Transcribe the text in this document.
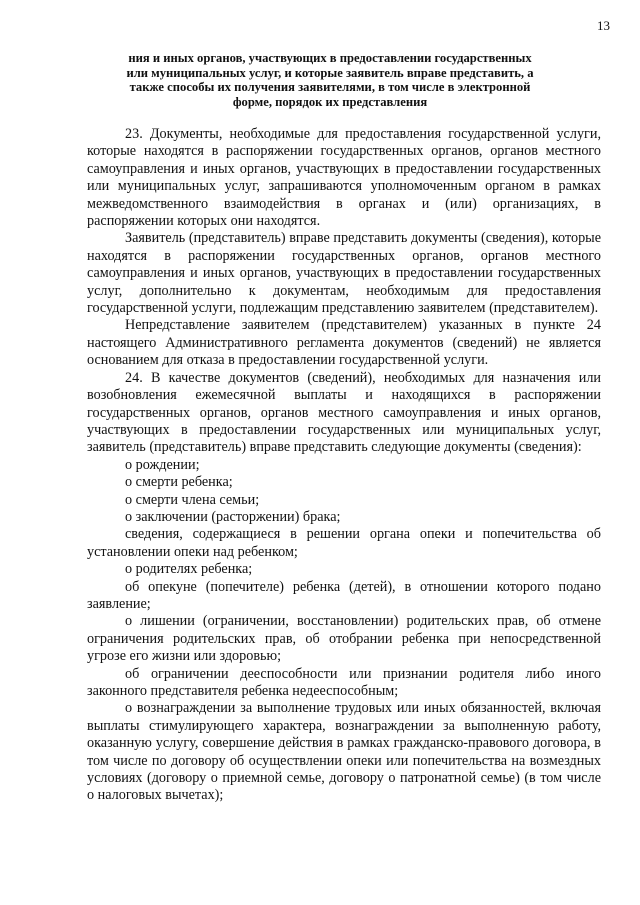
13
ния и иных органов, участвующих в предоставлении государственных или муниципальных услуг, и которые заявитель вправе представить, а также способы их получения заявителями, в том числе в электронной форме, порядок их представления

23. Документы, необходимые для предоставления государственной услуги, которые находятся в распоряжении государственных органов, органов местного самоуправления и иных органов, участвующих в предоставлении государственных или муниципальных услуг, запрашиваются уполномоченным органом в рамках межведомственного взаимодействия в органах и (или) организациях, в распоряжении которых они находятся.

Заявитель (представитель) вправе представить документы (сведения), которые находятся в распоряжении государственных органов, органов местного самоуправления и иных органов, участвующих в предоставлении государственных услуг, дополнительно к документам, необходимым для предоставления государственной услуги, подлежащим представлению заявителем (представителем).

Непредставление заявителем (представителем) указанных в пункте 24 настоящего Административного регламента документов (сведений) не является основанием для отказа в предоставлении государственной услуги.

24. В качестве документов (сведений), необходимых для назначения или возобновления ежемесячной выплаты и находящихся в распоряжении государственных органов, органов местного самоуправления и иных органов, участвующих в предоставлении государственных или муниципальных услуг, заявитель (представитель) вправе представить следующие документы (сведения):

о рождении;

о смерти ребенка;

о смерти члена семьи;

о заключении (расторжении) брака;

сведения, содержащиеся в решении органа опеки и попечительства об установлении опеки над ребенком;

о родителях ребенка;

об опекуне (попечителе) ребенка (детей), в отношении которого подано заявление;

о лишении (ограничении, восстановлении) родительских прав, об отмене ограничения родительских прав, об отобрании ребенка при непосредственной угрозе его жизни или здоровью;

об ограничении дееспособности или признании родителя либо иного законного представителя ребенка недееспособным;

о вознаграждении за выполнение трудовых или иных обязанностей, включая выплаты стимулирующего характера, вознаграждении за выполненную работу, оказанную услугу, совершение действия в рамках гражданско-правового договора, в том числе по договору об осуществлении опеки или попечительства на возмездных условиях (договору о приемной семье, договору о патронатной семье) (в том числе о налоговых вычетах);
